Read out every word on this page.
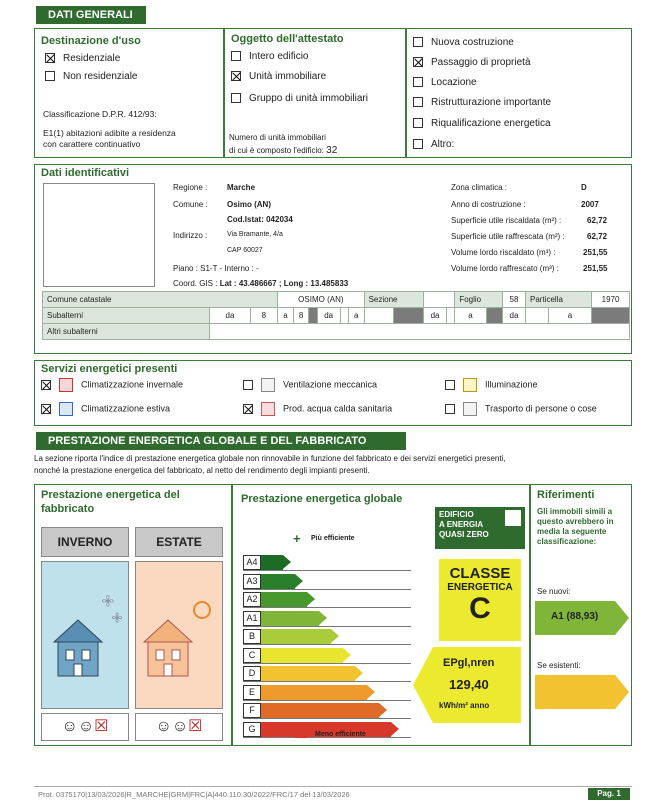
DATI GENERALI
Destinazione d'uso
Residenziale
Non residenziale
Classificazione D.P.R. 412/93:
E1(1) abitazioni adibite a residenza
con carattere continuativo
Oggetto dell'attestato
Intero edificio
Unità immobiliare
Gruppo di unità immobiliari
Numero di unità immobiliari
di cui è composto l'edificio: 32
Nuova costruzione
Passaggio di proprietà
Locazione
Ristrutturazione importante
Riqualificazione energetica
Altro:
Dati identificativi
Regione : Marche
Comune : Osimo (AN)
Cod.Istat: 042034
Indirizzo :	Via Bramante, 4/a
CAP 60027
Piano : S1-T - Interno : -
Coord. GIS : Lat : 43.486667 ; Long : 13.485833
Zona climatica :	D
Anno di costruzione :	2007
Superficie utile riscaldata (m²) :	62,72
Superficie utile raffrescata (m²) :	62,72
Volume lordo riscaldato (m³) :	251,55
Volume lordo raffrescato (m³) :	251,55
Comune catastale			OSIMO (AN)						Sezione				Foglio		58	Particella		1970
Subalterni	da	8	a	8		da		a			da		a		da		a	
Altri subalterni																		
Servizi energetici presenti
Climatizzazione invernale
Climatizzazione estiva
Ventilazione meccanica
Prod. acqua calda sanitaria
Illuminazione
Trasporto di persone o cose
PRESTAZIONE ENERGETICA GLOBALE E DEL FABBRICATO
La sezione riporta l'indice di prestazione energetica globale non rinnovabile in funzione del fabbricato e dei servizi energetici presenti,
nonché la prestazione energetica del fabbricato, al netto del rendimento degli impianti presenti.
Prestazione energetica del
fabbricato
INVERNO	ESTATE
✢
✢
☺☺☒	☺☺☒
Prestazione energetica globale
+ Più efficiente
A4
A3
A2
A1
B
C
D
E
F
G
Meno efficiente
EDIFICIO
A ENERGIA
QUASI ZERO
CLASSE
ENERGETICA
C
EPgl,nren
129,40
kWh/m² anno
Riferimenti
Gli immobili simili a
questo avrebbero in
media la seguente
classificazione:
Se nuovi:
A1 (88,93)
Se esistenti:
Prot. 0375170|13/03/2026|R_MARCHE|GRM|FRC|A|440.110.30/2022/FRC/17 del 13/03/2026	Pag. 1
